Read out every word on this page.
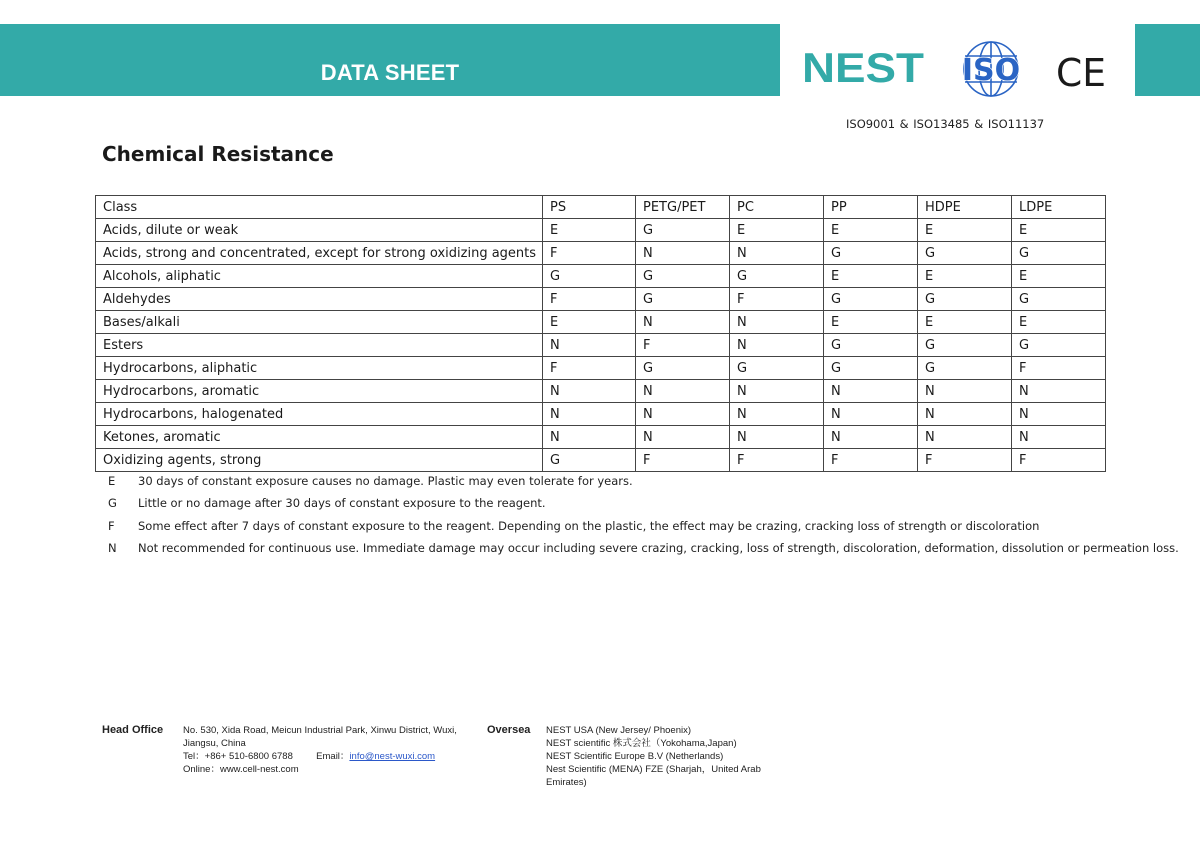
DATA SHEET	NEST ISO CE
ISO9001 & ISO13485 & ISO11137
Chemical Resistance
Class	PS	PETG/PET	PC	PP	HDPE	LDPE
Acids, dilute or weak	E	G	E	E	E	E
Acids, strong and concentrated, except for strong oxidizing agents	F	N	N	G	G	G
Alcohols, aliphatic	G	G	G	E	E	E
Aldehydes	F	G	F	G	G	G
Bases/alkali	E	N	N	E	E	E
Esters	N	F	N	G	G	G
Hydrocarbons, aliphatic	F	G	G	G	G	F
Hydrocarbons, aromatic	N	N	N	N	N	N
Hydrocarbons, halogenated	N	N	N	N	N	N
Ketones, aromatic	N	N	N	N	N	N
Oxidizing agents, strong	G	F	F	F	F	F
E	30 days of constant exposure causes no damage. Plastic may even tolerate for years.
G	Little or no damage after 30 days of constant exposure to the reagent.
F	Some effect after 7 days of constant exposure to the reagent. Depending on the plastic, the effect may be crazing, cracking loss of strength or discoloration
N	Not recommended for continuous use. Immediate damage may occur including severe crazing, cracking, loss of strength, discoloration, deformation, dissolution or permeation loss.
Head Office No. 530, Xida Road, Meicun Industrial Park, Xinwu District, Wuxi,
Jiangsu, China
Tel：+86+ 510-6800 6788 Email：info@nest-wuxi.com
Online：www.cell-nest.com
Oversea NEST USA (New Jersey/ Phoenix)
NEST scientific 株式会社（Yokohama,Japan)
NEST Scientific Europe B.V (Netherlands)
Nest Scientific (MENA) FZE (Sharjah，United Arab
Emirates)
